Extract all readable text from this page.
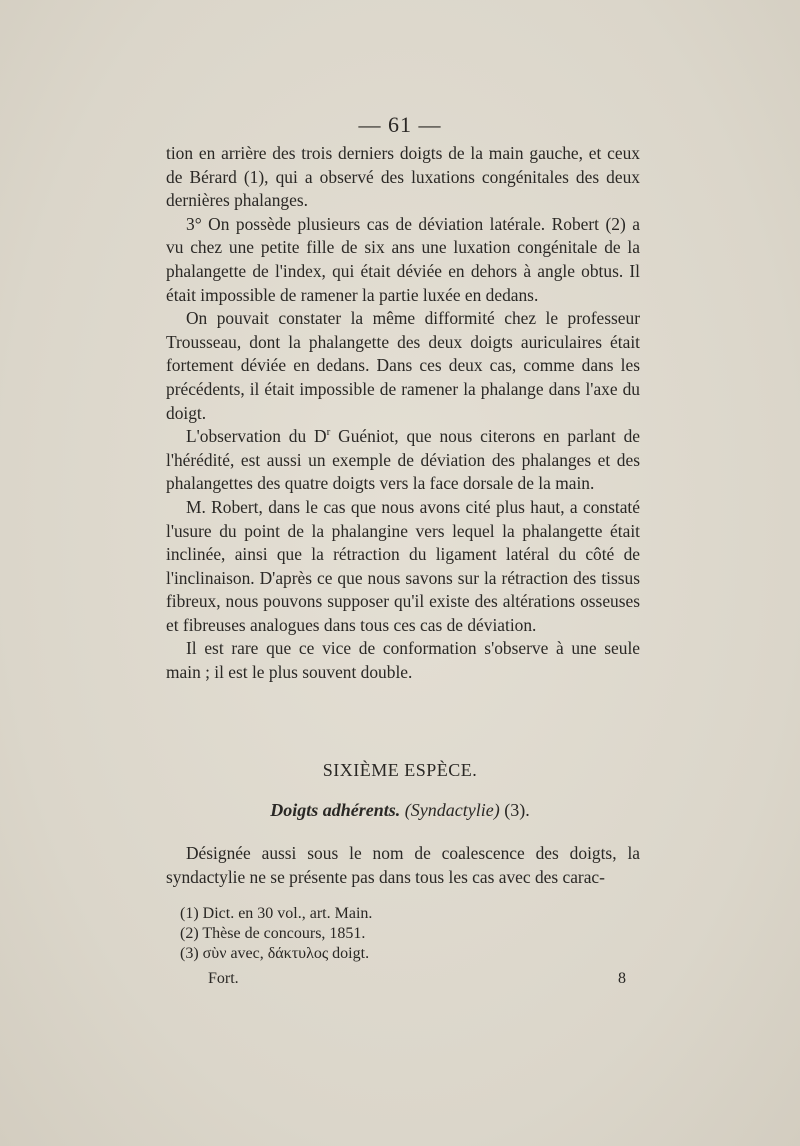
— 61 —

tion en arrière des trois derniers doigts de la main gauche, et ceux de Bérard (1), qui a observé des luxations congénitales des deux dernières phalanges.

3° On possède plusieurs cas de déviation latérale. Robert (2) a vu chez une petite fille de six ans une luxation congénitale de la phalangette de l'index, qui était déviée en dehors à angle obtus. Il était impossible de ramener la partie luxée en dedans.

On pouvait constater la même difformité chez le professeur Trousseau, dont la phalangette des deux doigts auriculaires était fortement déviée en dedans. Dans ces deux cas, comme dans les précédents, il était impossible de ramener la phalange dans l'axe du doigt.

L'observation du $D^r$ Guéniot, que nous citerons en parlant de l'hérédité, est aussi un exemple de déviation des phalanges et des phalangettes des quatre doigts vers la face dorsale de la main.

M. Robert, dans le cas que nous avons cité plus haut, a constaté l'usure du point de la phalangine vers lequel la phalangette était inclinée, ainsi que la rétraction du ligament latéral du côté de l'inclinaison. D'après ce que nous savons sur la rétraction des tissus fibreux, nous pouvons supposer qu'il existe des altérations osseuses et fibreuses analogues dans tous ces cas de déviation.

Il est rare que ce vice de conformation s'observe à une seule main ; il est le plus souvent double.

SIXIÈME ESPÈCE.
Doigts adhérents. (Syndactylie) (3).

Désignée aussi sous le nom de coalescence des doigts, la syndactylie ne se présente pas dans tous les cas avec des carac-

(1) Dict. en 30 vol., art. Main.
(2) Thèse de concours, 1851.
(3) σὺν avec, δάκτυλος doigt.
Fort.	8
